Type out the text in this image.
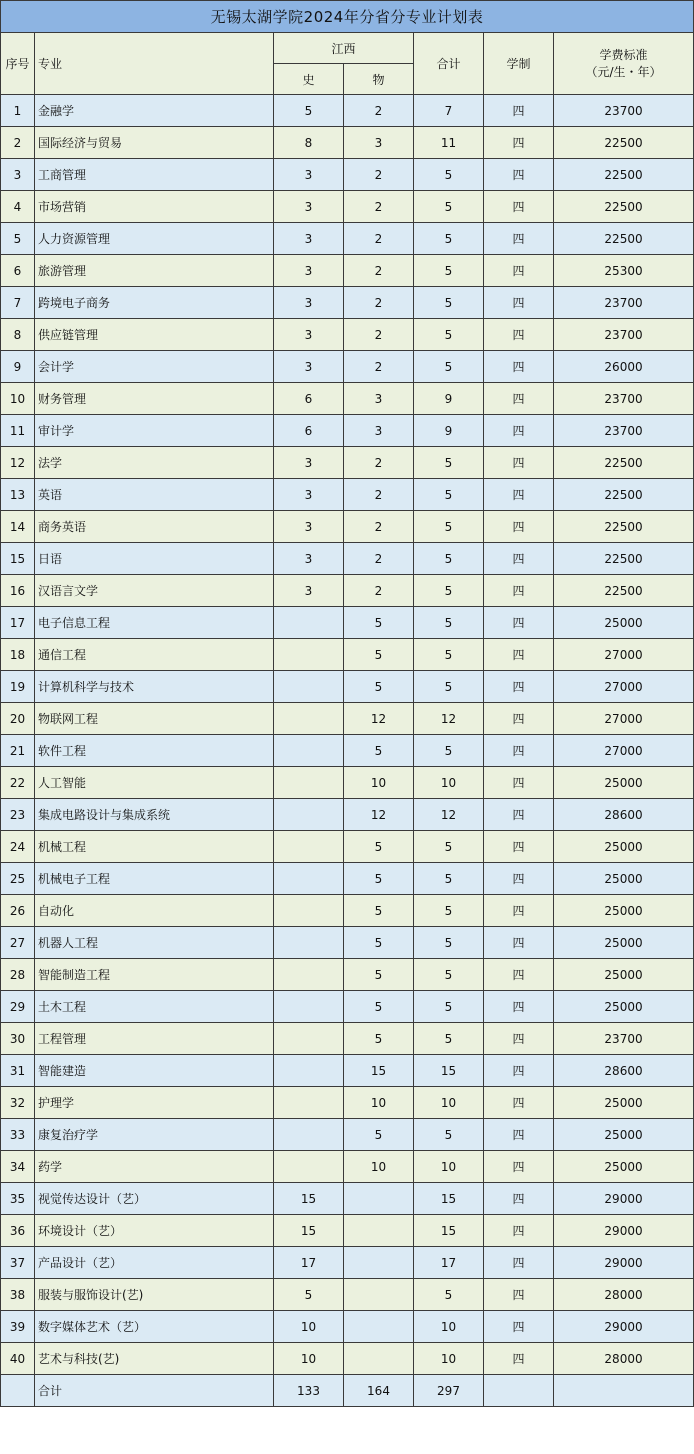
无锡太湖学院2024年分省分专业计划表						
序号	专业	江西		合计	学制	学费标准
（元/生・年）

		史	物			
1	金融学	5	2	7	四	23700
2	国际经济与贸易	8	3	11	四	22500
3	工商管理	3	2	5	四	22500
4	市场营销	3	2	5	四	22500
5	人力资源管理	3	2	5	四	22500
6	旅游管理	3	2	5	四	25300
7	跨境电子商务	3	2	5	四	23700
8	供应链管理	3	2	5	四	23700
9	会计学	3	2	5	四	26000
10	财务管理	6	3	9	四	23700
11	审计学	6	3	9	四	23700
12	法学	3	2	5	四	22500
13	英语	3	2	5	四	22500
14	商务英语	3	2	5	四	22500
15	日语	3	2	5	四	22500
16	汉语言文学	3	2	5	四	22500
17	电子信息工程		5	5	四	25000
18	通信工程		5	5	四	27000
19	计算机科学与技术		5	5	四	27000
20	物联网工程		12	12	四	27000
21	软件工程		5	5	四	27000
22	人工智能		10	10	四	25000
23	集成电路设计与集成系统		12	12	四	28600
24	机械工程		5	5	四	25000
25	机械电子工程		5	5	四	25000
26	自动化		5	5	四	25000
27	机器人工程		5	5	四	25000
28	智能制造工程		5	5	四	25000
29	土木工程		5	5	四	25000
30	工程管理		5	5	四	23700
31	智能建造		15	15	四	28600
32	护理学		10	10	四	25000
33	康复治疗学		5	5	四	25000
34	药学		10	10	四	25000
35	视觉传达设计（艺）	15		15	四	29000
36	环境设计（艺）	15		15	四	29000
37	产品设计（艺）	17		17	四	29000
38	服装与服饰设计(艺)	5		5	四	28000
39	数字媒体艺术（艺）	10		10	四	29000
40	艺术与科技(艺)	10		10	四	28000
	合计	133	164	297		
